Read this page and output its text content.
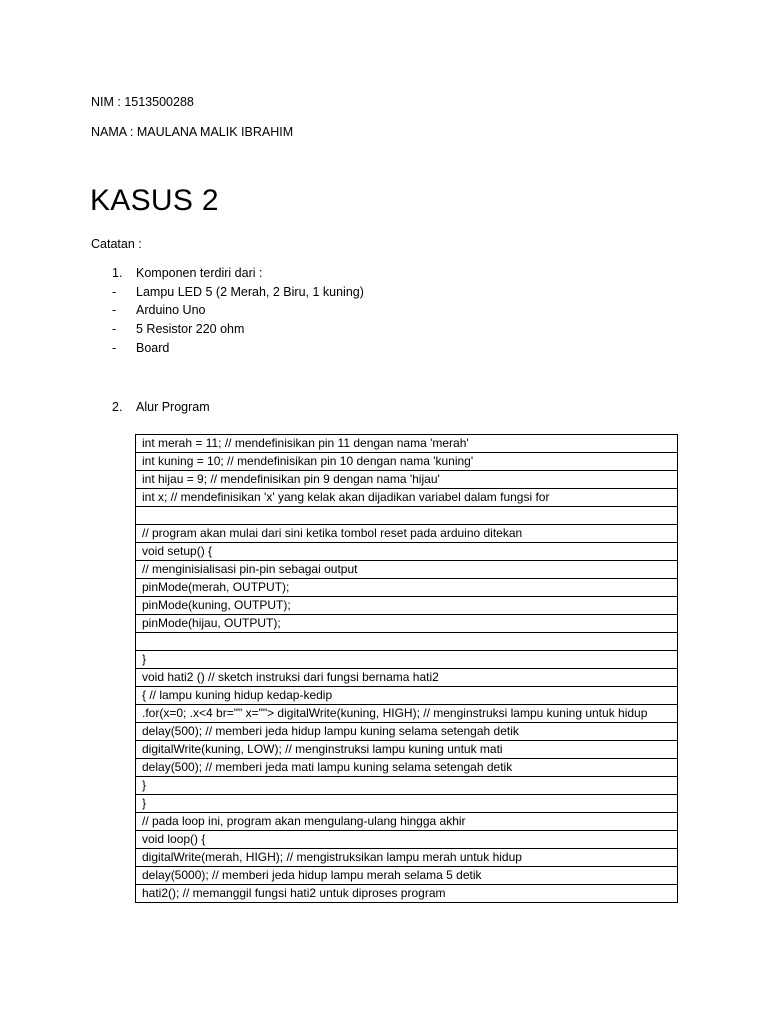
NIM : 1513500288
NAMA : MAULANA MALIK IBRAHIM
KASUS 2
Catatan :
1. Komponen terdiri dari :
- Lampu LED 5 (2 Merah, 2 Biru, 1 kuning)
- Arduino Uno
- 5 Resistor 220 ohm
- Board
2. Alur Program
int merah = 11; // mendefinisikan pin 11 dengan nama 'merah'
int kuning = 10; // mendefinisikan pin 10 dengan nama 'kuning'
int hijau = 9; // mendefinisikan pin 9 dengan nama 'hijau'
int x; // mendefinisikan 'x' yang kelak akan dijadikan variabel dalam fungsi for

// program akan mulai dari sini ketika tombol reset pada arduino ditekan
void setup() {
// menginisialisasi pin-pin sebagai output
pinMode(merah, OUTPUT);
pinMode(kuning, OUTPUT);
pinMode(hijau, OUTPUT);

}
void hati2 () // sketch instruksi dari fungsi bernama hati2
{ // lampu kuning hidup kedap-kedip
.for(x=0; .x<4 br="" x=""> digitalWrite(kuning, HIGH); // menginstruksi lampu kuning untuk hidup
delay(500); // memberi jeda hidup lampu kuning selama setengah detik
digitalWrite(kuning, LOW); // menginstruksi lampu kuning untuk mati
delay(500); // memberi jeda mati lampu kuning selama setengah detik
}
}
// pada loop ini, program akan mengulang-ulang hingga akhir
void loop() {
digitalWrite(merah, HIGH); // mengistruksikan lampu merah untuk hidup
delay(5000); // memberi jeda hidup lampu merah selama 5 detik
hati2(); // memanggil fungsi hati2 untuk diproses program
